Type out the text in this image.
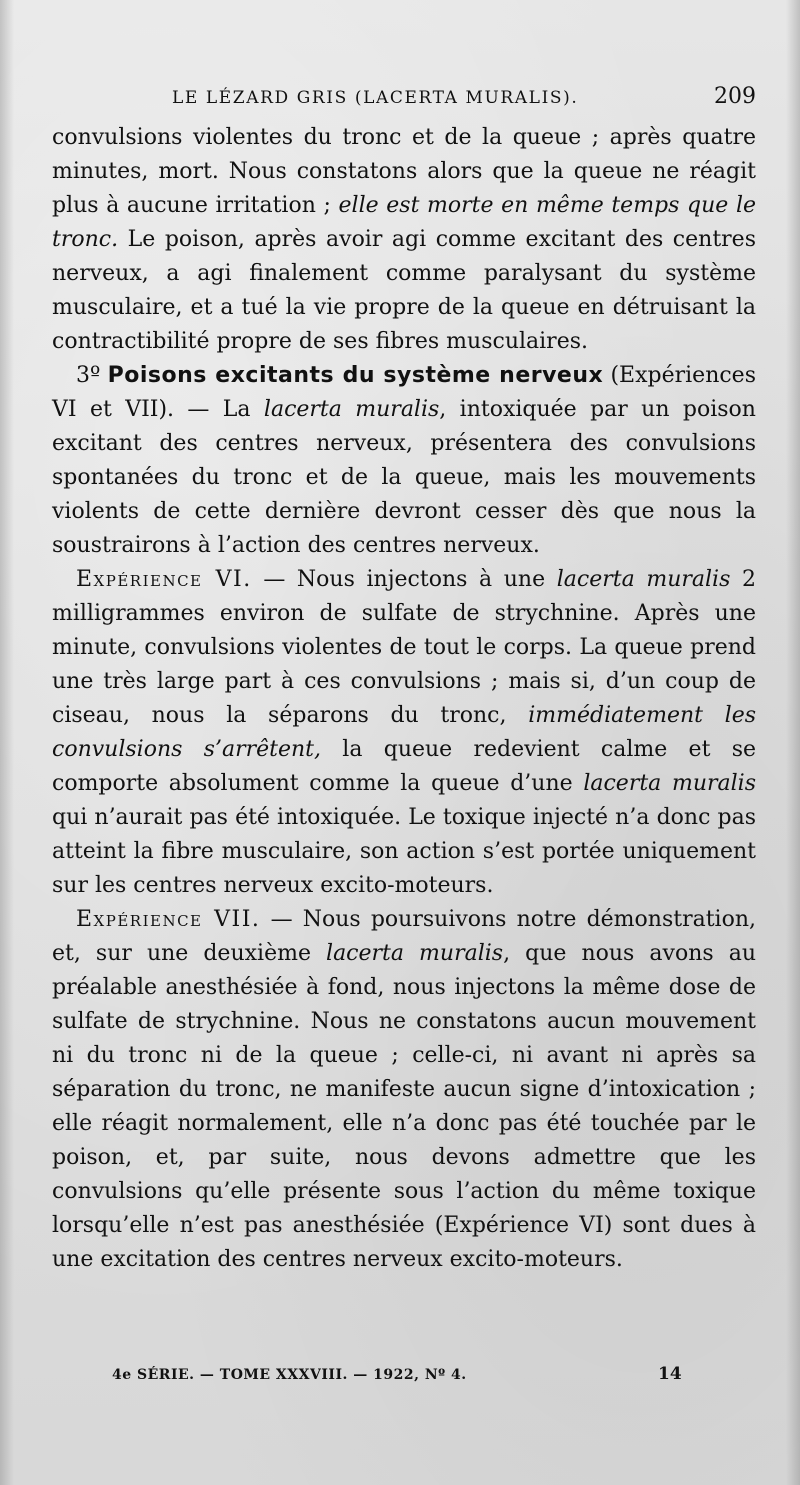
LE LÉZARD GRIS (LACERTA MURALIS).	209

convulsions violentes du tronc et de la queue ; après quatre minutes, mort. Nous constatons alors que la queue ne réagit plus à aucune irritation ; elle est morte en même temps que le tronc. Le poison, après avoir agi comme excitant des centres nerveux, a agi finalement comme paralysant du système musculaire, et a tué la vie propre de la queue en détruisant la contractibilité propre de ses fibres musculaires.

3º Poisons excitants du système nerveux (Expériences VI et VII). — La lacerta muralis, intoxiquée par un poison excitant des centres nerveux, présentera des convulsions spontanées du tronc et de la queue, mais les mouvements violents de cette dernière devront cesser dès que nous la soustrairons à l’action des centres nerveux.

Expérience VI. — Nous injectons à une lacerta muralis 2 milligrammes environ de sulfate de strychnine. Après une minute, convulsions violentes de tout le corps. La queue prend une très large part à ces convulsions ; mais si, d’un coup de ciseau, nous la séparons du tronc, immédiatement les convulsions s’arrêtent, la queue redevient calme et se comporte absolument comme la queue d’une lacerta muralis qui n’aurait pas été intoxiquée. Le toxique injecté n’a donc pas atteint la fibre musculaire, son action s’est portée uniquement sur les centres nerveux excito-moteurs.

Expérience VII. — Nous poursuivons notre démonstration, et, sur une deuxième lacerta muralis, que nous avons au préalable anesthésiée à fond, nous injectons la même dose de sulfate de strychnine. Nous ne constatons aucun mouvement ni du tronc ni de la queue ; celle-ci, ni avant ni après sa séparation du tronc, ne manifeste aucun signe d’intoxication ; elle réagit normalement, elle n’a donc pas été touchée par le poison, et, par suite, nous devons admettre que les convulsions qu’elle présente sous l’action du même toxique lorsqu’elle n’est pas anesthésiée (Expérience VI) sont dues à une excitation des centres nerveux excito-moteurs.

4e SÉRIE. — TOME XXXVIII. — 1922, Nº 4.	14
